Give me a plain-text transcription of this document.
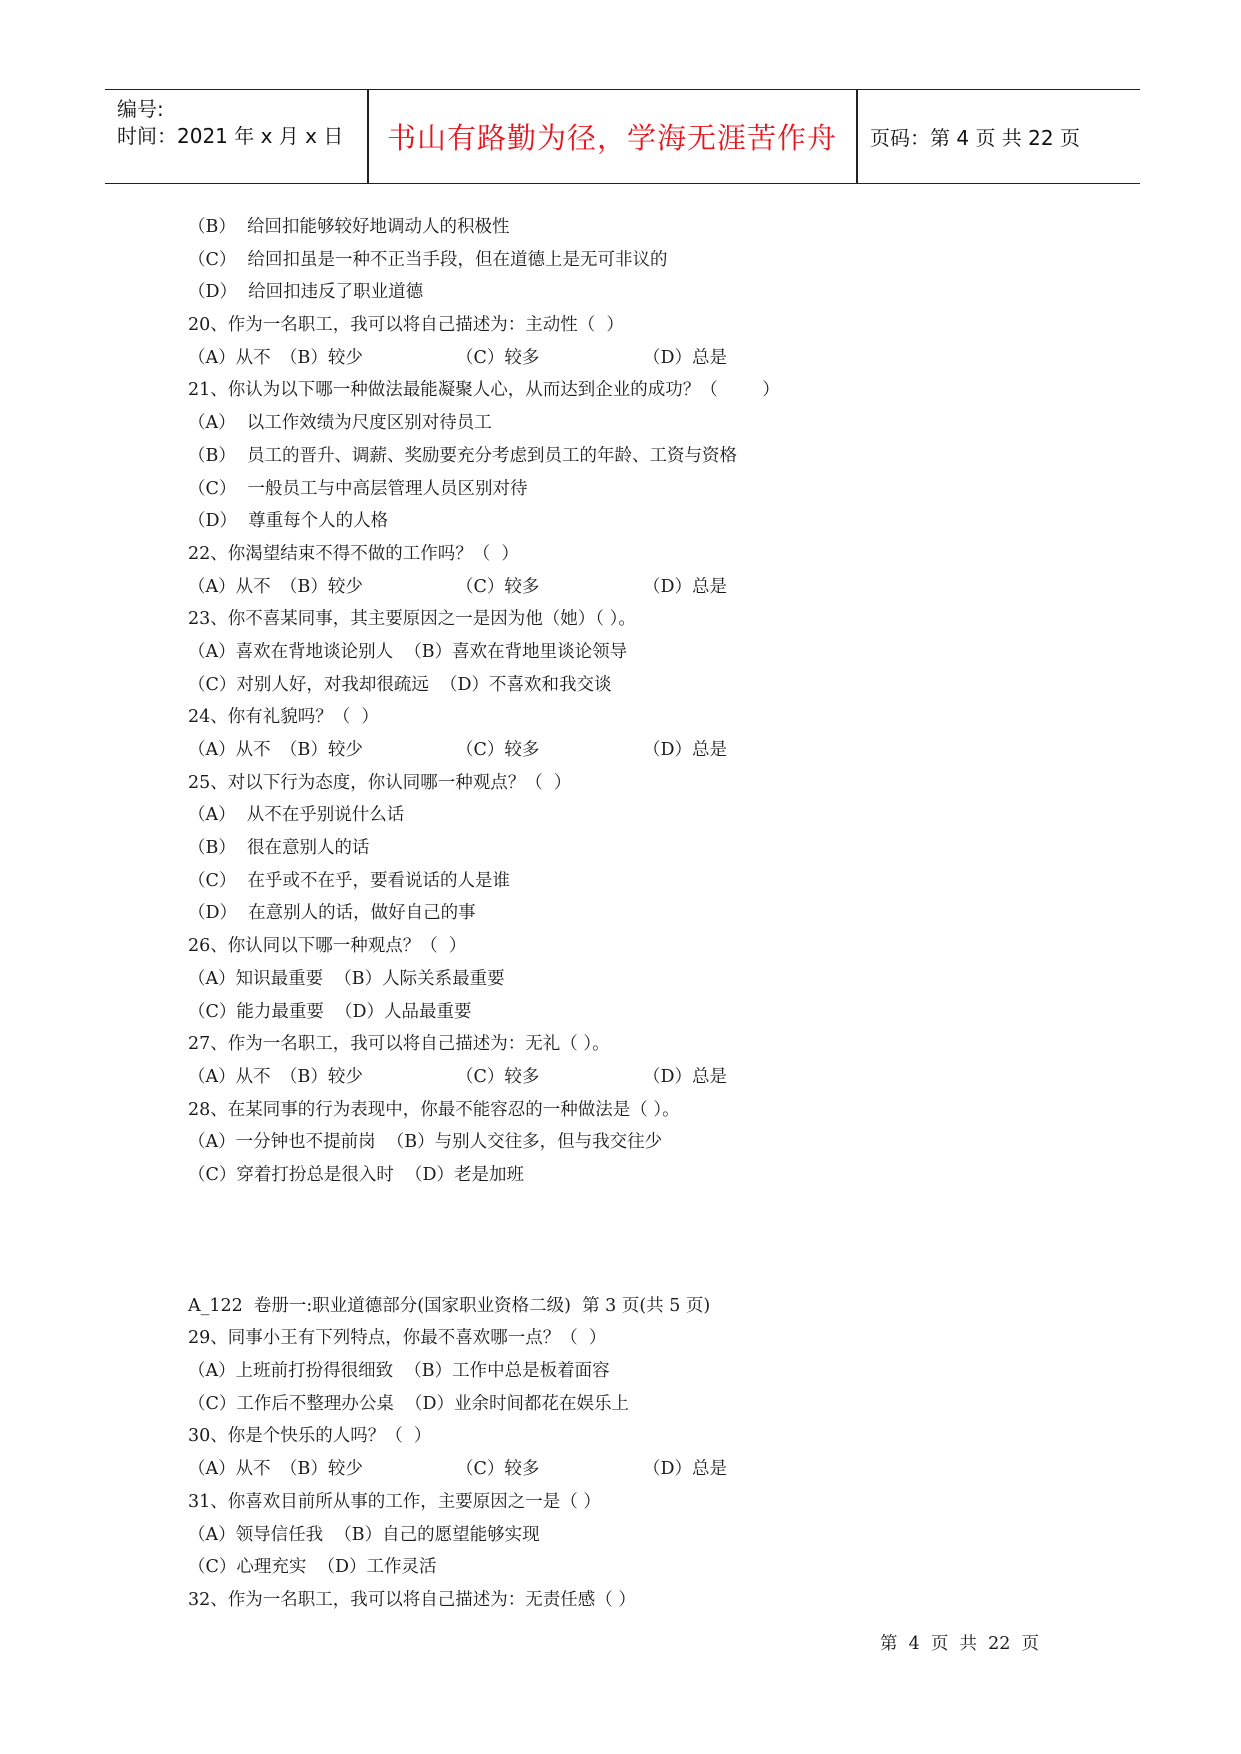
编号:
时间：2021 年 x 月 x 日	书山有路勤为径，学海无涯苦作舟	页码：第 4 页 共 22 页
（B）  给回扣能够较好地调动人的积极性
（C）  给回扣虽是一种不正当手段，但在道德上是无可非议的
（D）  给回扣违反了职业道德
20、作为一名职工，我可以将自己描述为：主动性（  ）
（A）从不 （B）较少	（C）较多	（D）总是
21、你认为以下哪一种做法最能凝聚人心，从而达到企业的成功？（        ）
（A）  以工作效绩为尺度区别对待员工
（B）  员工的晋升、调薪、奖励要充分考虑到员工的年龄、工资与资格
（C）  一般员工与中高层管理人员区别对待
（D）  尊重每个人的人格
22、你渴望结束不得不做的工作吗？（  ）
（A）从不 （B）较少	（C）较多	（D）总是
23、你不喜某同事，其主要原因之一是因为他（她）（ ）。
（A）喜欢在背地谈论别人  （B）喜欢在背地里谈论领导
（C）对别人好，对我却很疏远  （D）不喜欢和我交谈
24、你有礼貌吗？（  ）
（A）从不 （B）较少	（C）较多	（D）总是
25、对以下行为态度，你认同哪一种观点？（  ）
（A）  从不在乎别说什么话
（B）  很在意别人的话
（C）  在乎或不在乎，要看说话的人是谁
（D）  在意别人的话，做好自己的事
26、你认同以下哪一种观点？（  ）
（A）知识最重要  （B）人际关系最重要
（C）能力最重要  （D）人品最重要
27、作为一名职工，我可以将自己描述为：无礼（ ）。
（A）从不 （B）较少	（C）较多	（D）总是
28、在某同事的行为表现中，你最不能容忍的一种做法是（ ）。
（A）一分钟也不提前岗  （B）与别人交往多，但与我交往少
（C）穿着打扮总是很入时  （D）老是加班
A_122  卷册一:职业道德部分(国家职业资格二级)  第 3 页(共 5 页)
29、同事小王有下列特点，你最不喜欢哪一点？（  ）
（A）上班前打扮得很细致  （B）工作中总是板着面容
（C）工作后不整理办公桌  （D）业余时间都花在娱乐上
30、你是个快乐的人吗？（  ）
（A）从不 （B）较少	（C）较多	（D）总是
31、你喜欢目前所从事的工作，主要原因之一是（ ）
（A）领导信任我  （B）自己的愿望能够实现
（C）心理充实  （D）工作灵活
32、作为一名职工，我可以将自己描述为：无责任感（ ）
第  4  页  共  22  页
